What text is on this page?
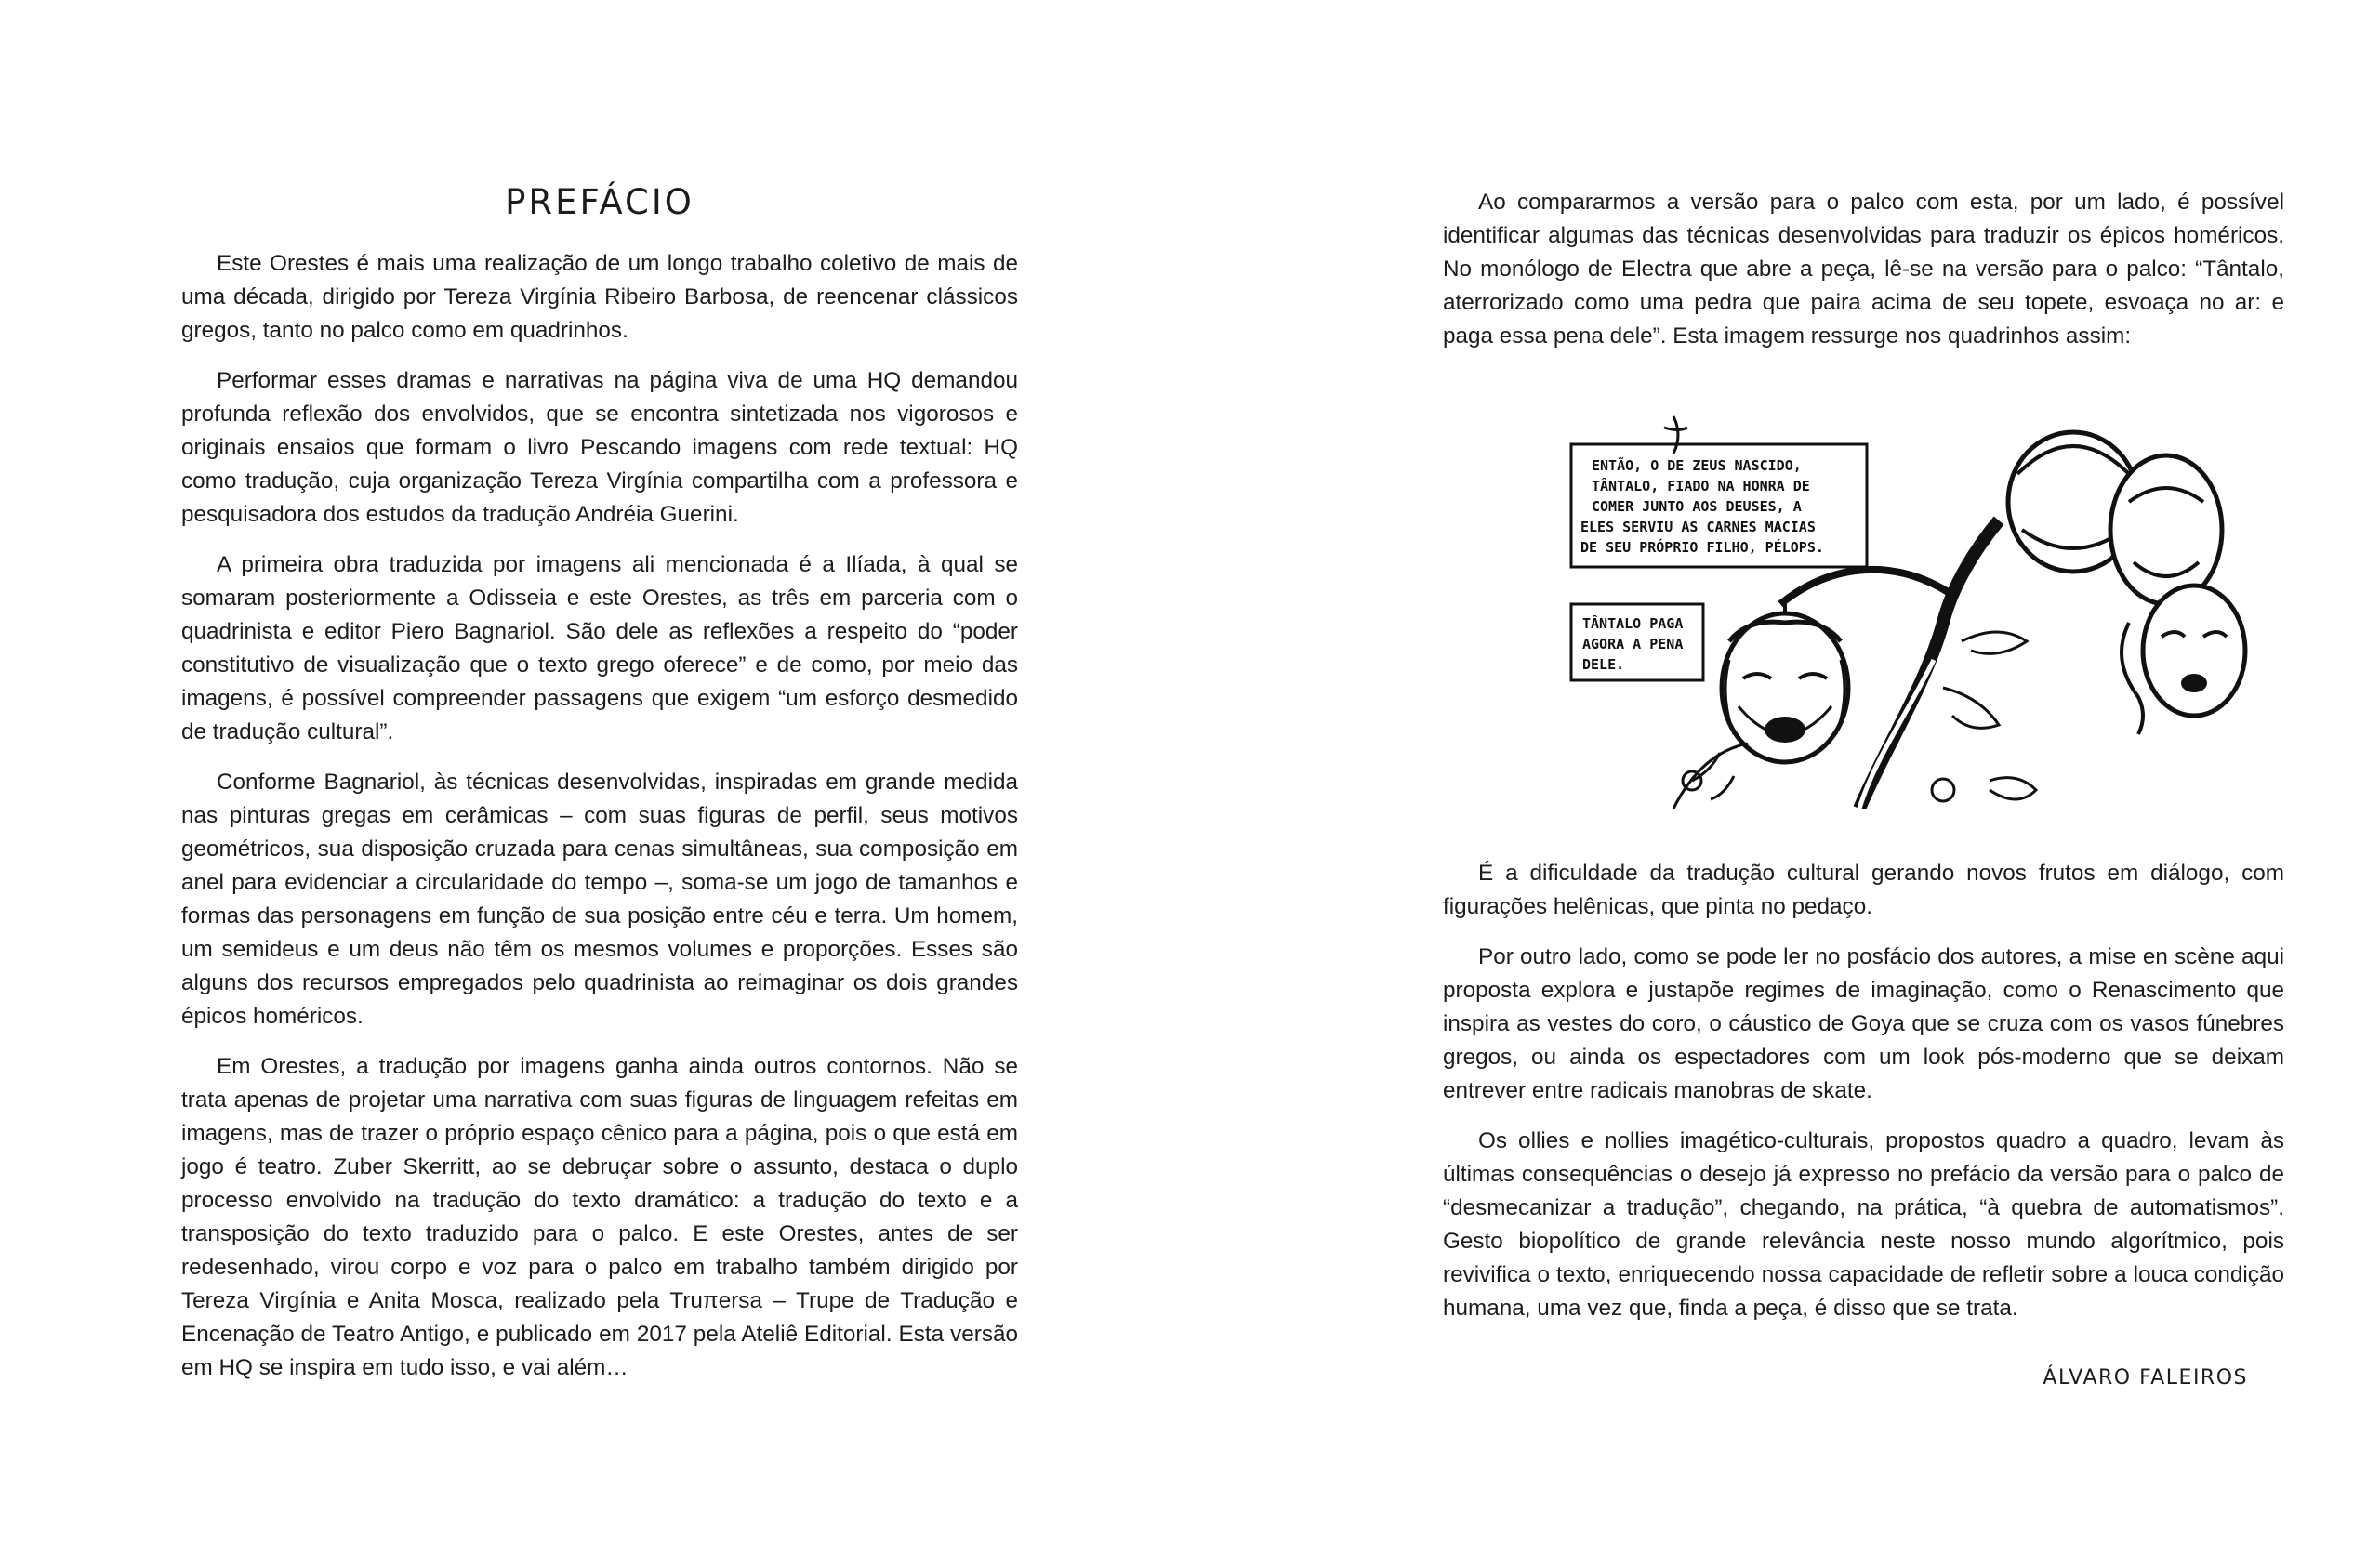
PREFÁCIO

Este Orestes é mais uma realização de um longo trabalho coletivo de mais de uma década, dirigido por Tereza Virgínia Ribeiro Barbosa, de reencenar clássicos gregos, tanto no palco como em quadrinhos.

Performar esses dramas e narrativas na página viva de uma HQ demandou profunda reflexão dos envolvidos, que se encontra sintetizada nos vigorosos e originais ensaios que formam o livro Pescando imagens com rede textual: HQ como tradução, cuja organização Tereza Virgínia compartilha com a professora e pesquisadora dos estudos da tradução Andréia Guerini.

A primeira obra traduzida por imagens ali mencionada é a Ilíada, à qual se somaram posteriormente a Odisseia e este Orestes, as três em parceria com o quadrinista e editor Piero Bagnariol. São dele as reflexões a respeito do “poder constitutivo de visualização que o texto grego oferece” e de como, por meio das imagens, é possível compreender passagens que exigem “um esforço desmedido de tradução cultural”.

Conforme Bagnariol, às técnicas desenvolvidas, inspiradas em grande medida nas pinturas gregas em cerâmicas – com suas figuras de perfil, seus motivos geométricos, sua disposição cruzada para cenas simultâneas, sua composição em anel para evidenciar a circularidade do tempo –, soma-se um jogo de tamanhos e formas das personagens em função de sua posição entre céu e terra. Um homem, um semideus e um deus não têm os mesmos volumes e proporções. Esses são alguns dos recursos empregados pelo quadrinista ao reimaginar os dois grandes épicos homéricos.

Em Orestes, a tradução por imagens ganha ainda outros contornos. Não se trata apenas de projetar uma narrativa com suas figuras de linguagem refeitas em imagens, mas de trazer o próprio espaço cênico para a página, pois o que está em jogo é teatro. Zuber Skerritt, ao se debruçar sobre o assunto, destaca o duplo processo envolvido na tradução do texto dramático: a tradução do texto e a transposição do texto traduzido para o palco. E este Orestes, antes de ser redesenhado, virou corpo e voz para o palco em trabalho também dirigido por Tereza Virgínia e Anita Mosca, realizado pela Truπersa – Trupe de Tradução e Encenação de Teatro Antigo, e publicado em 2017 pela Ateliê Editorial. Esta versão em HQ se inspira em tudo isso, e vai além…

Ao compararmos a versão para o palco com esta, por um lado, é possível identificar algumas das técnicas desenvolvidas para traduzir os épicos homéricos. No monólogo de Electra que abre a peça, lê-se na versão para o palco: “Tântalo, aterrorizado como uma pedra que paira acima de seu topete, esvoaça no ar: e paga essa pena dele”. Esta imagem ressurge nos quadrinhos assim:

ENTÃO, O DE ZEUS NASCIDO,
TÂNTALO, FIADO NA HONRA DE
COMER JUNTO AOS DEUSES, A
ELES SERVIU AS CARNES MACIAS
DE SEU PRÓPRIO FILHO, PÉLOPS.
TÂNTALO PAGA
AGORA A PENA
DELE.

É a dificuldade da tradução cultural gerando novos frutos em diálogo, com figurações helênicas, que pinta no pedaço.

Por outro lado, como se pode ler no posfácio dos autores, a mise en scène aqui proposta explora e justapõe regimes de imaginação, como o Renascimento que inspira as vestes do coro, o cáustico de Goya que se cruza com os vasos fúnebres gregos, ou ainda os espectadores com um look pós-moderno que se deixam entrever entre radicais manobras de skate.

Os ollies e nollies imagético-culturais, propostos quadro a quadro, levam às últimas consequências o desejo já expresso no prefácio da versão para o palco de “desmecanizar a tradução”, chegando, na prática, “à quebra de automatismos”. Gesto biopolítico de grande relevância neste nosso mundo algorítmico, pois revivifica o texto, enriquecendo nossa capacidade de refletir sobre a louca condição humana, uma vez que, finda a peça, é disso que se trata.

ÁLVARO FALEIROS
